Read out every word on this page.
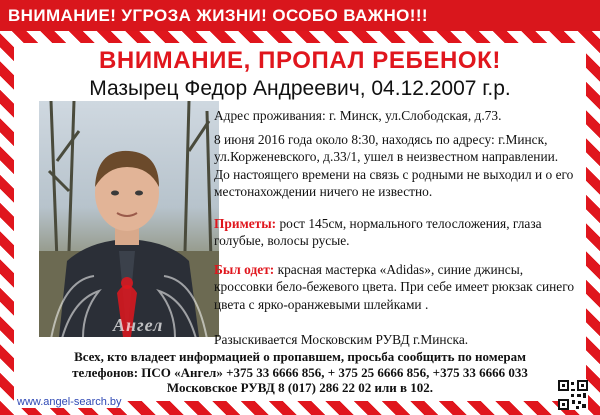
ВНИМАНИЕ! УГРОЗА ЖИЗНИ! ОСОБО ВАЖНО!!!
ВНИМАНИЕ, ПРОПАЛ РЕБЕНОК!
Мазырец Федор Андреевич, 04.12.2007 г.р.
Ангел

Адрес проживания: г. Минск, ул.Слободская, д.73.

8 июня 2016 года около 8:30, находясь по адресу: г.Минск, ул.Корженевского, д.33/1, ушел в неизвестном направлении. До настоящего времени на связь с родными не выходил и о его местонахождении ничего не известно.

Приметы: рост 145см, нормального телосложения, глаза голубые, волосы русые.

Был одет: красная мастерка «Adidas», синие джинсы, кроссовки бело-бежевого цвета. При себе имеет рюкзак синего цвета с ярко-оранжевыми шлейками .

Разыскивается Московским РУВД г.Минска.

Всех, кто владеет информацией о пропавшем, просьба сообщить по номерам
телефонов: ПСО «Ангел» +375 33 6666 856, + 375 25 6666 856, +375 33 6666 033
Московское РУВД 8 (017) 286 22 02 или в 102.
www.angel-search.by
